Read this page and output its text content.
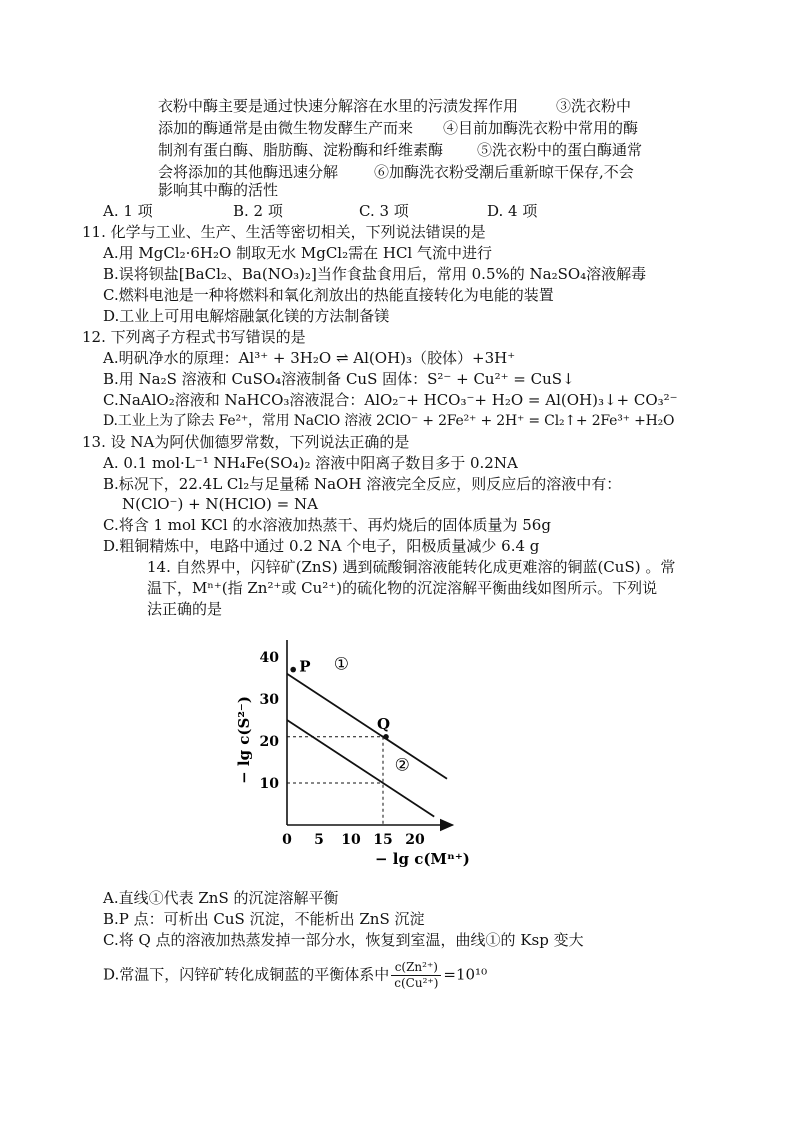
衣粉中酶主要是通过快速分解溶在水里的污渍发挥作用	③洗衣粉中
添加的酶通常是由微生物发酵生产而来 ④目前加酶洗衣粉中常用的酶
制剂有蛋白酶、脂肪酶、淀粉酶和纤维素酶 ⑤洗衣粉中的蛋白酶通常
会将添加的其他酶迅速分解 ⑥加酶洗衣粉受潮后重新晾干保存,不会
影响其中酶的活性
A. 1 项	B. 2 项	C. 3 项	D. 4 项
11. 化学与工业、生产、生活等密切相关，下列说法错误的是
A.用 MgCl₂·6H₂O 制取无水 MgCl₂需在 HCl 气流中进行
B.误将钡盐[BaCl₂、Ba(NO₃)₂]当作食盐食用后，常用 0.5%的 Na₂SO₄溶液解毒
C.燃料电池是一种将燃料和氧化剂放出的热能直接转化为电能的装置
D.工业上可用电解熔融氯化镁的方法制备镁
12. 下列离子方程式书写错误的是
A.明矾净水的原理：Al³⁺ + 3H₂O ⇌ Al(OH)₃（胶体）+3H⁺
B.用 Na₂S 溶液和 CuSO₄溶液制备 CuS 固体：S²⁻ + Cu²⁺ = CuS↓
C.NaAlO₂溶液和 NaHCO₃溶液混合：AlO₂⁻+ HCO₃⁻+ H₂O = Al(OH)₃↓+ CO₃²⁻
D.工业上为了除去 Fe²⁺，常用 NaClO 溶液 2ClO⁻ + 2Fe²⁺ + 2H⁺ = Cl₂↑+ 2Fe³⁺ +H₂O
13. 设 NA为阿伏伽德罗常数，下列说法正确的是
A. 0.1 mol·L⁻¹ NH₄Fe(SO₄)₂ 溶液中阳离子数目多于 0.2NA
B.标况下，22.4L Cl₂与足量稀 NaOH 溶液完全反应，则反应后的溶液中有：
N(ClO⁻) + N(HClO) = NA
C.将含 1 mol KCl 的水溶液加热蒸干、再灼烧后的固体质量为 56g
D.粗铜精炼中，电路中通过 0.2 NA 个电子，阳极质量减少 6.4 g
14. 自然界中，闪锌矿(ZnS) 遇到硫酸铜溶液能转化成更难溶的铜蓝(CuS) 。常
温下，Mⁿ⁺(指 Zn²⁺或 Cu²⁺)的硫化物的沉淀溶解平衡曲线如图所示。下列说
法正确的是
0 5 10 15 20
10
20
30
40	①
②
P
Q
− lg c(Mⁿ⁺)
− lg c(S²⁻)
A.直线①代表 ZnS 的沉淀溶解平衡
B.P 点：可析出 CuS 沉淀，不能析出 ZnS 沉淀
C.将 Q 点的溶液加热蒸发掉一部分水，恢复到室温，曲线①的 Ksp 变大
D.常温下，闪锌矿转化成铜蓝的平衡体系中 $\frac{\text{c(Zn²⁺)}}{\text{c(Cu²⁺)}} =10^{10}$
